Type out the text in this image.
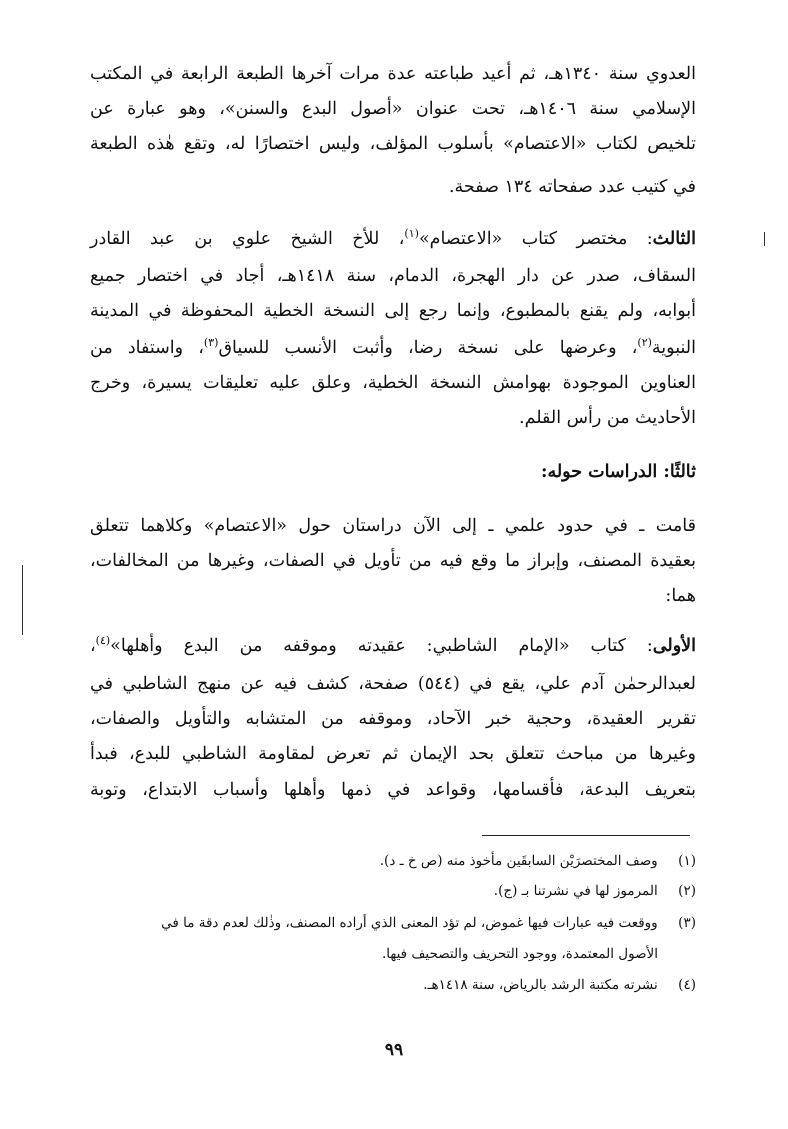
العدوي سنة ١٣٤٠هـ، ثم أعيد طباعته عدة مرات آخرها الطبعة الرابعة في المكتب
الإسلامي سنة ١٤٠٦هـ، تحت عنوان «أصول البدع والسنن»، وهو عبارة عن
تلخيص لكتاب «الاعتصام» بأسلوب المؤلف، وليس اختصارًا له، وتقع هٰذه الطبعة
في كتيب عدد صفحاته ١٣٤ صفحة.
الثالث: مختصر كتاب «الاعتصام»$^{(١)}$، للأخ الشيخ علوي بن عبد القادر
السقاف، صدر عن دار الهجرة، الدمام، سنة ١٤١٨هـ، أجاد في اختصار جميع
أبوابه، ولم يقنع بالمطبوع، وإنما رجع إلى النسخة الخطية المحفوظة في المدينة
النبوية$^{(٢)}$، وعرضها على نسخة رضا، وأثبت الأنسب للسياق$^{(٣)}$، واستفاد من
العناوين الموجودة بهوامش النسخة الخطية، وعلق عليه تعليقات يسيرة، وخرج
الأحاديث من رأس القلم.
ثالثًا: الدراسات حوله:
قامت ـ في حدود علمي ـ إلى الآن دراستان حول «الاعتصام» وكلاهما تتعلق
بعقيدة المصنف، وإبراز ما وقع فيه من تأويل في الصفات، وغيرها من المخالفات،
هما:
الأولى: كتاب «الإمام الشاطبي: عقيدته وموقفه من البدع وأهلها»$^{(٤)}$،
لعبدالرحمٰن آدم علي، يقع في (٥٤٤) صفحة، كشف فيه عن منهج الشاطبي في
تقرير العقيدة، وحجية خبر الآحاد، وموقفه من المتشابه والتأويل والصفات،
وغيرها من مباحث تتعلق بحد الإيمان ثم تعرض لمقاومة الشاطبي للبدع، فبدأ
بتعريف البدعة، فأقسامها، وقواعد في ذمها وأهلها وأسباب الابتداع، وتوبة
(١) وصف المختصرَيْن السابقَين مأخوذ منه (ص خ ـ د).
(٢) المرموز لها في نشرتنا بـ (ج).
(٣) ووقعت فيه عبارات فيها غموض، لم تؤد المعنى الذي أراده المصنف، وذٰلك لعدم دقة ما في
الأصول المعتمدة، ووجود التحريف والتصحيف فيها.
(٤) نشرته مكتبة الرشد بالرياض، سنة ١٤١٨هـ.
٩٩
